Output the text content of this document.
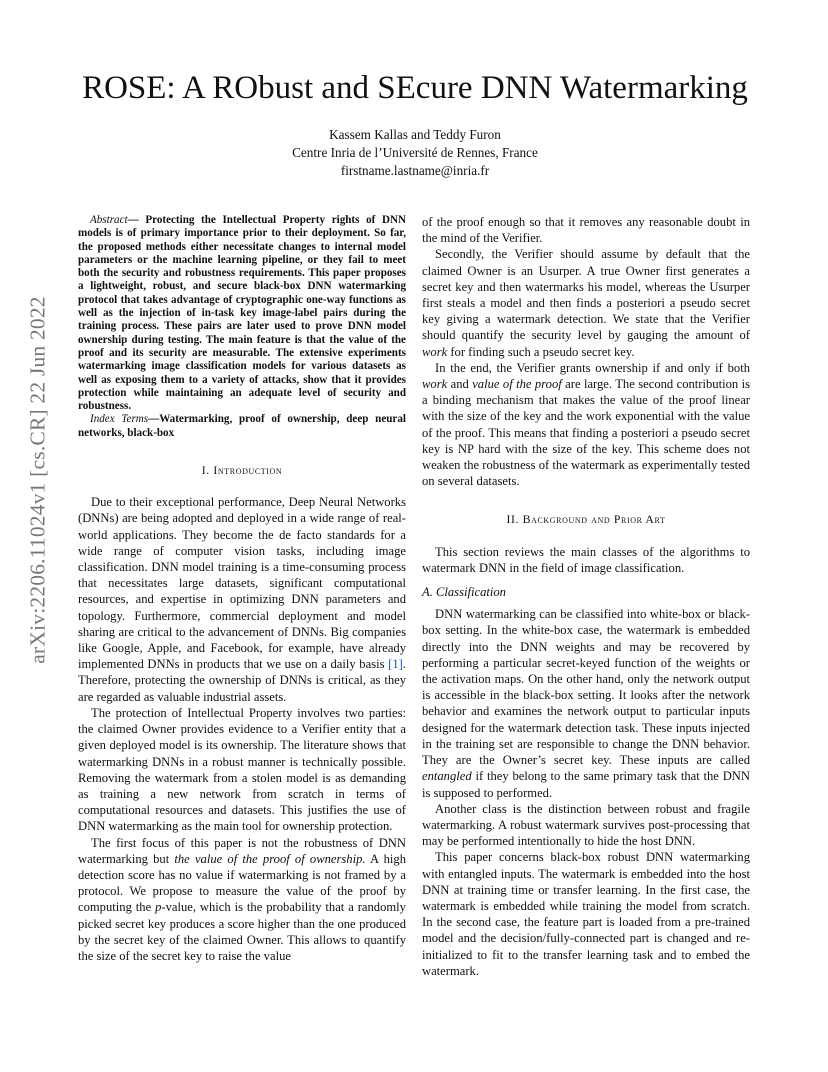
arXiv:2206.11024v1 [cs.CR] 22 Jun 2022
ROSE: A RObust and SEcure DNN Watermarking
Kassem Kallas and Teddy Furon
Centre Inria de l’Université de Rennes, France
firstname.lastname@inria.fr

Abstract— Protecting the Intellectual Property rights of DNN models is of primary importance prior to their deployment. So far, the proposed methods either necessitate changes to internal model parameters or the machine learning pipeline, or they fail to meet both the security and robustness requirements. This paper proposes a lightweight, robust, and secure black-box DNN watermarking protocol that takes advantage of cryptographic one-way functions as well as the injection of in-task key image-label pairs during the training process. These pairs are later used to prove DNN model ownership during testing. The main feature is that the value of the proof and its security are measurable. The extensive experiments watermarking image classification models for various datasets as well as exposing them to a variety of attacks, show that it provides protection while maintaining an adequate level of security and robustness.

Index Terms—Watermarking, proof of ownership, deep neural networks, black-box

I. Introduction

Due to their exceptional performance, Deep Neural Networks (DNNs) are being adopted and deployed in a wide range of real-world applications. They become the de facto standards for a wide range of computer vision tasks, including image classification. DNN model training is a time-consuming process that necessitates large datasets, significant computational resources, and expertise in optimizing DNN parameters and topology. Furthermore, commercial deployment and model sharing are critical to the advancement of DNNs. Big companies like Google, Apple, and Facebook, for example, have already implemented DNNs in products that we use on a daily basis [1]. Therefore, protecting the ownership of DNNs is critical, as they are regarded as valuable industrial assets.

The protection of Intellectual Property involves two parties: the claimed Owner provides evidence to a Verifier entity that a given deployed model is its ownership. The literature shows that watermarking DNNs in a robust manner is technically possible. Removing the watermark from a stolen model is as demanding as training a new network from scratch in terms of computational resources and datasets. This justifies the use of DNN watermarking as the main tool for ownership protection.

The first focus of this paper is not the robustness of DNN watermarking but the value of the proof of ownership. A high detection score has no value if watermarking is not framed by a protocol. We propose to measure the value of the proof by computing the p-value, which is the probability that a randomly picked secret key produces a score higher than the one produced by the secret key of the claimed Owner. This allows to quantify the size of the secret key to raise the value

of the proof enough so that it removes any reasonable doubt in the mind of the Verifier.

Secondly, the Verifier should assume by default that the claimed Owner is an Usurper. A true Owner first generates a secret key and then watermarks his model, whereas the Usurper first steals a model and then finds a posteriori a pseudo secret key giving a watermark detection. We state that the Verifier should quantify the security level by gauging the amount of work for finding such a pseudo secret key.

In the end, the Verifier grants ownership if and only if both work and value of the proof are large. The second contribution is a binding mechanism that makes the value of the proof linear with the size of the key and the work exponential with the value of the proof. This means that finding a posteriori a pseudo secret key is NP hard with the size of the key. This scheme does not weaken the robustness of the watermark as experimentally tested on several datasets.

II. Background and Prior Art

This section reviews the main classes of the algorithms to watermark DNN in the field of image classification.

A. Classification

DNN watermarking can be classified into white-box or black-box setting. In the white-box case, the watermark is embedded directly into the DNN weights and may be recovered by performing a particular secret-keyed function of the weights or the activation maps. On the other hand, only the network output is accessible in the black-box setting. It looks after the network behavior and examines the network output to particular inputs designed for the watermark detection task. These inputs injected in the training set are responsible to change the DNN behavior. They are the Owner’s secret key. These inputs are called entangled if they belong to the same primary task that the DNN is supposed to performed.

Another class is the distinction between robust and fragile watermarking. A robust watermark survives post-processing that may be performed intentionally to hide the host DNN.

This paper concerns black-box robust DNN watermarking with entangled inputs. The watermark is embedded into the host DNN at training time or transfer learning. In the first case, the watermark is embedded while training the model from scratch. In the second case, the feature part is loaded from a pre-trained model and the decision/fully-connected part is changed and re-initialized to fit to the transfer learning task and to embed the watermark.
